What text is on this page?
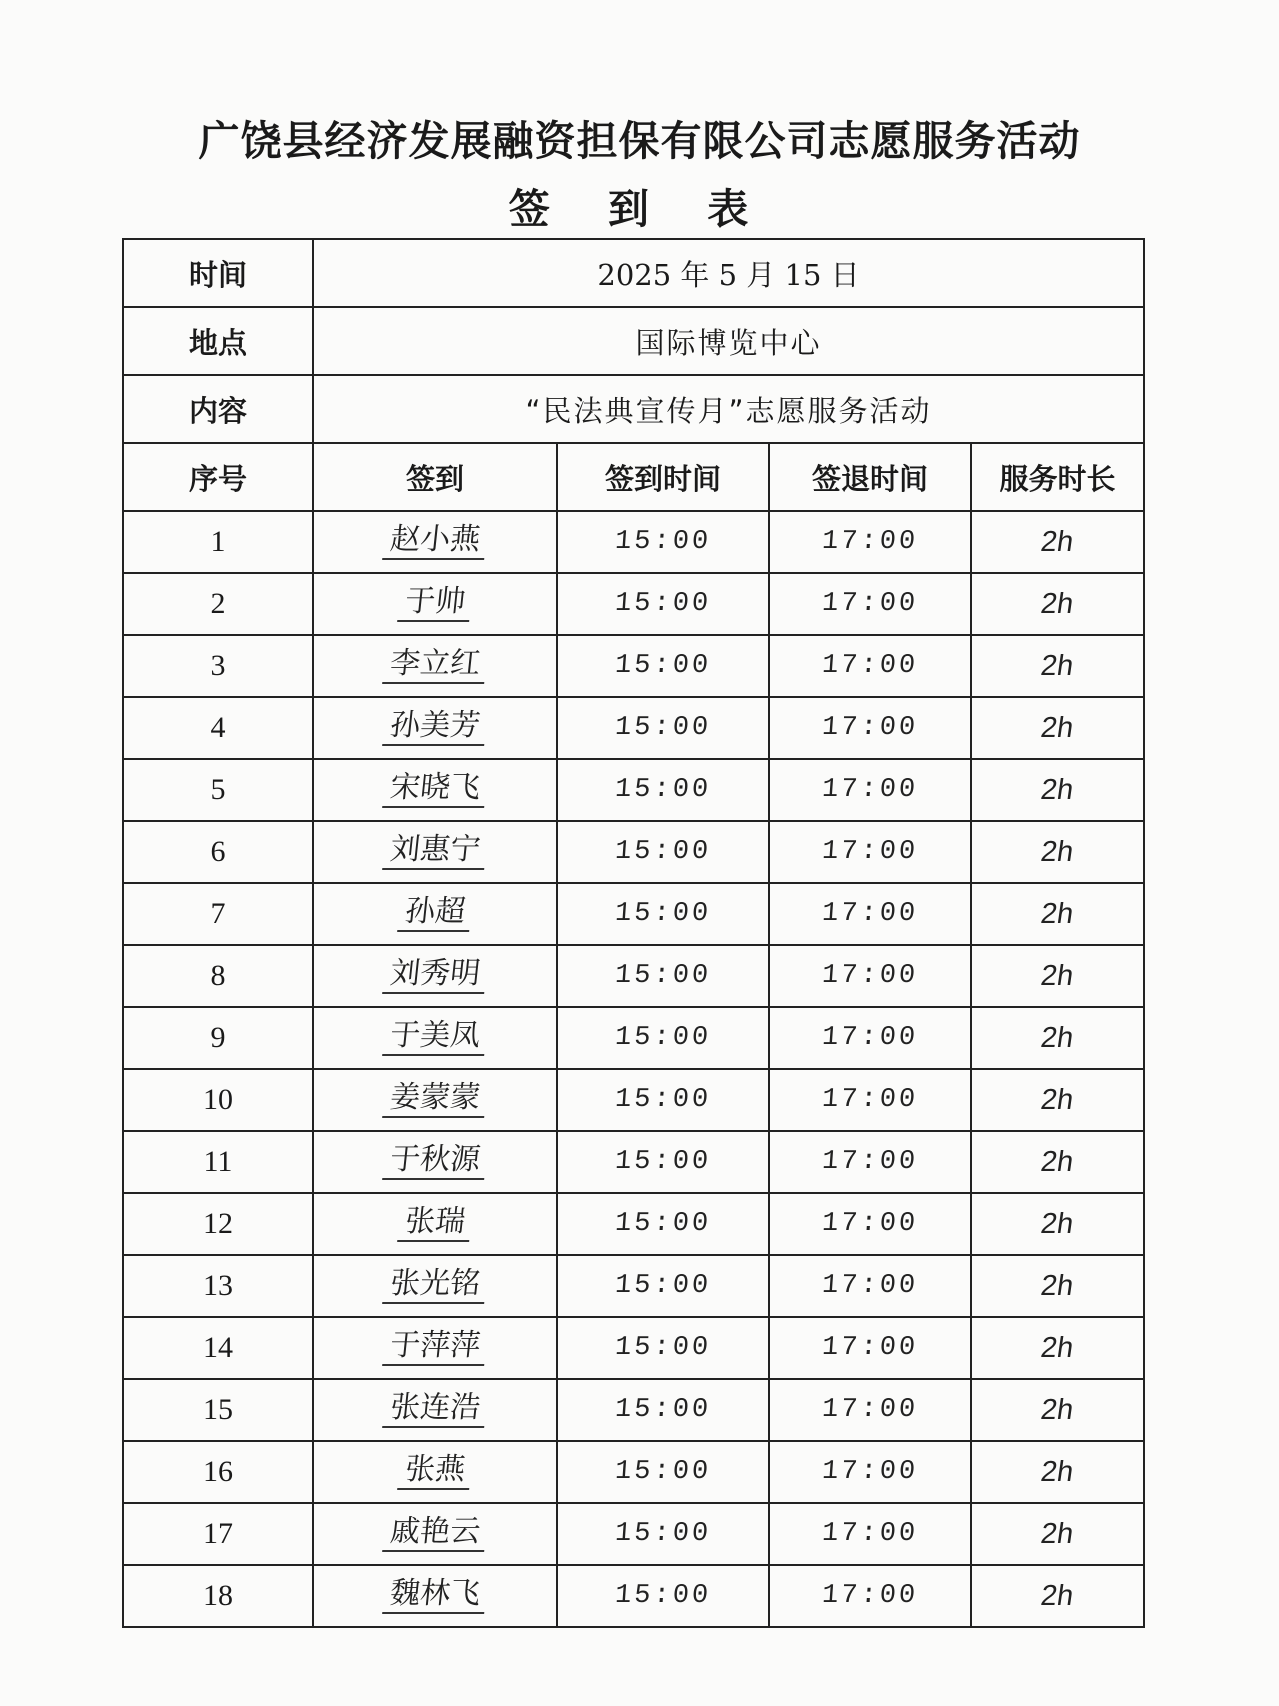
广饶县经济发展融资担保有限公司志愿服务活动
签 到 表
时间	2025 年 5 月 15 日			
地点	国际博览中心			
内容	“民法典宣传月”志愿服务活动			
序号	签到	签到时间	签退时间	服务时长
1	赵小燕	15:00	17:00	2h
2	于帅	15:00	17:00	2h
3	李立红	15:00	17:00	2h
4	孙美芳	15:00	17:00	2h
5	宋晓飞	15:00	17:00	2h
6	刘惠宁	15:00	17:00	2h
7	孙超	15:00	17:00	2h
8	刘秀明	15:00	17:00	2h
9	于美凤	15:00	17:00	2h
10	姜蒙蒙	15:00	17:00	2h
11	于秋源	15:00	17:00	2h
12	张瑞	15:00	17:00	2h
13	张光铭	15:00	17:00	2h
14	于萍萍	15:00	17:00	2h
15	张连浩	15:00	17:00	2h
16	张燕	15:00	17:00	2h
17	戚艳云	15:00	17:00	2h
18	魏林飞	15:00	17:00	2h
